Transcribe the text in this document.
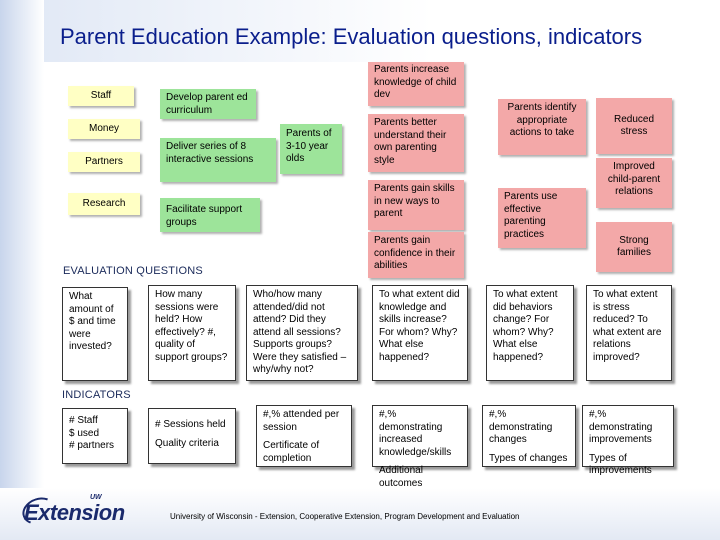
Parent Education Example: Evaluation questions, indicators
Staff
Money
Partners
Research
Develop parent ed curriculum
Deliver series of 8 interactive sessions
Facilitate support groups
Parents of 3-10 year olds
Parents increase knowledge of child dev
Parents better understand their own parenting style
Parents gain skills in new ways to parent
Parents gain confidence in their abilities
Parents identify appropriate actions to take
Parents use effective parenting practices
Reduced stress
Improved child-parent relations
Strong families
EVALUATION QUESTIONS
What amount of $ and time were invested?
How many sessions were held? How effectively? #, quality of support groups?
Who/how many attended/did not attend? Did they attend all sessions? Supports groups? Were they satisfied – why/why not?
To what extent did knowledge and skills increase? For whom? Why? What else happened?
To what extent did behaviors change? For whom? Why? What else happened?
To what extent is stress reduced? To what extent are relations improved?
INDICATORS
# Staff
$ used
# partners
# Sessions held
Quality criteria
#,% attended per session
Certificate of completion
#,% demonstrating increased knowledge/skills
Additional outcomes
#,% demonstrating changes
Types of changes
#,% demonstrating improvements
Types of improvements
UW
Extension	University of Wisconsin - Extension, Cooperative Extension, Program Development and Evaluation
